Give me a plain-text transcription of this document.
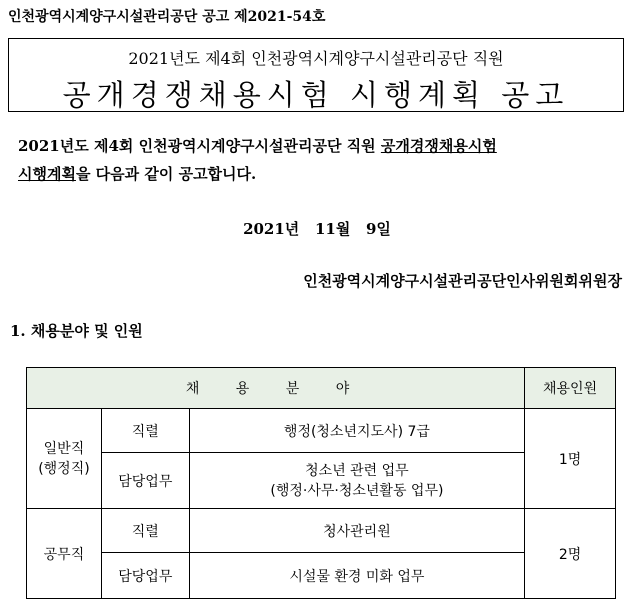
인천광역시계양구시설관리공단 공고 제2021-54호
2021년도 제4회 인천광역시계양구시설관리공단 직원
공개경쟁채용시험 시행계획 공고
2021년도 제4회 인천광역시계양구시설관리공단 직원 공개경쟁채용시험
시행계획을 다음과 같이 공고합니다.
2021년   11월   9일
인천광역시계양구시설관리공단인사위원회위원장
1. 채용분야 및 인원
채 용 분 야			채용인원

일반직
(행정직)	직렬	행정(청소년지도사) 7급	1명
	담당업무	청소년 관련 업무
(행정·사무·청소년활동 업무)	

공무직	직렬	청사관리원	2명
	담당업무	시설물 환경 미화 업무	
